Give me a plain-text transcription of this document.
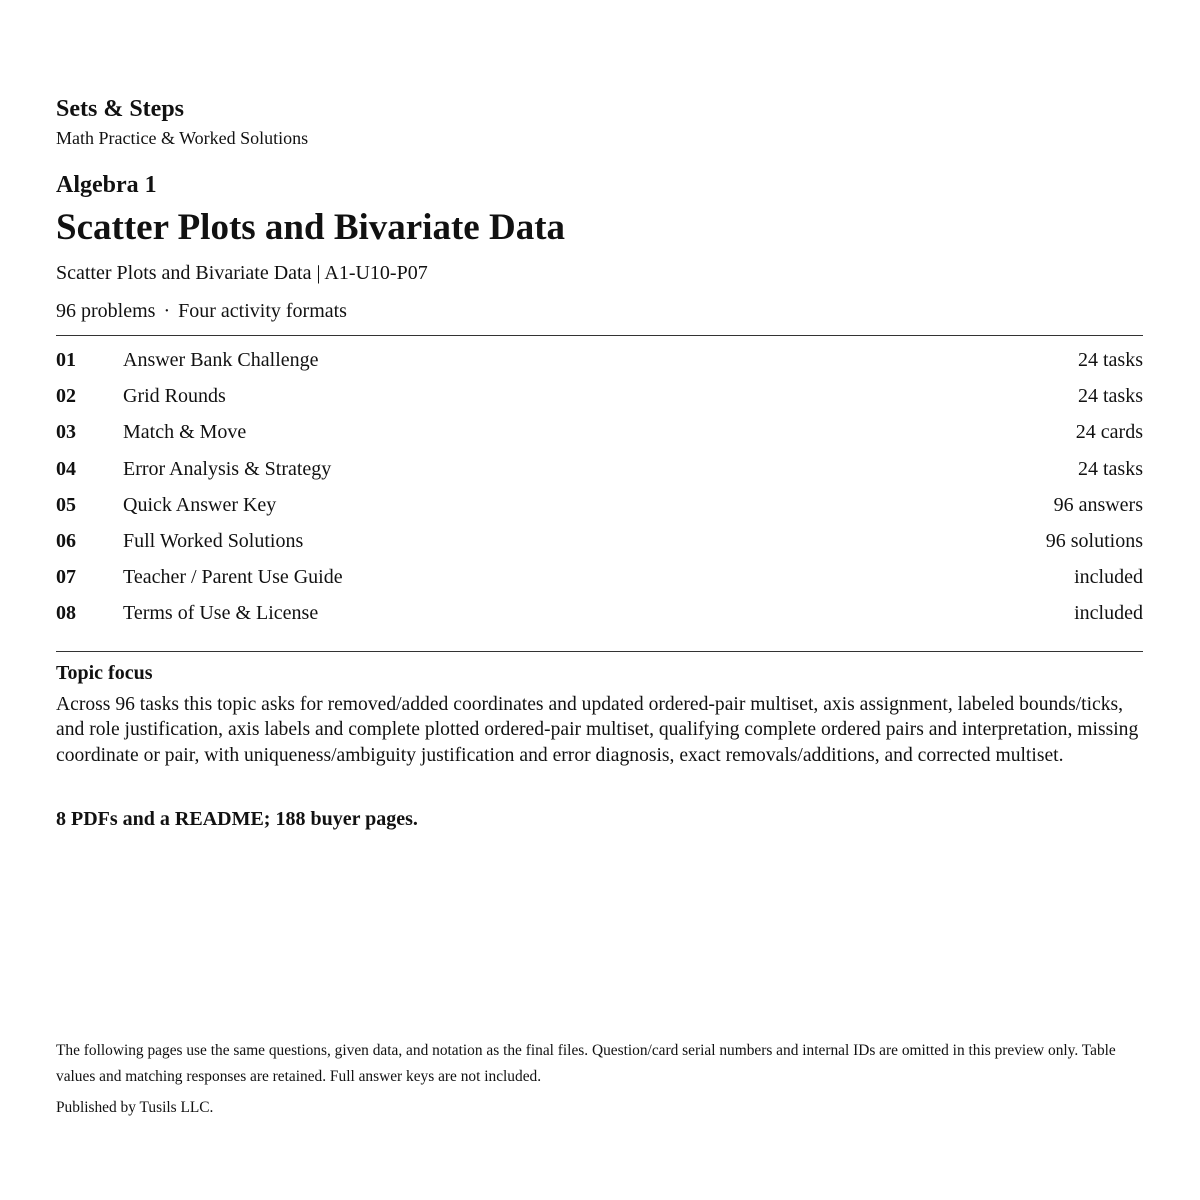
Sets & Steps
Math Practice & Worked Solutions
Algebra 1
Scatter Plots and Bivariate Data
Scatter Plots and Bivariate Data | A1-U10-P07
96 problems · Four activity formats
01 Answer Bank Challenge	24 tasks
02 Grid Rounds	24 tasks
03 Match & Move	24 cards
04 Error Analysis & Strategy	24 tasks
05 Quick Answer Key	96 answers
06 Full Worked Solutions	96 solutions
07 Teacher / Parent Use Guide	included
08 Terms of Use & License	included
Topic focus
Across 96 tasks this topic asks for removed/added coordinates and updated ordered-pair multiset, axis assignment, labeled bounds/ticks, and role justification, axis labels and complete plotted ordered-pair multiset, qualifying complete ordered pairs and interpretation, missing coordinate or pair, with uniqueness/ambiguity justification and error diagnosis, exact removals/additions, and corrected multiset.
8 PDFs and a README; 188 buyer pages.
The following pages use the same questions, given data, and notation as the final files. Question/card serial numbers and internal IDs are omitted in this preview only. Table values and matching responses are retained. Full answer keys are not included.
Published by Tusils LLC.
